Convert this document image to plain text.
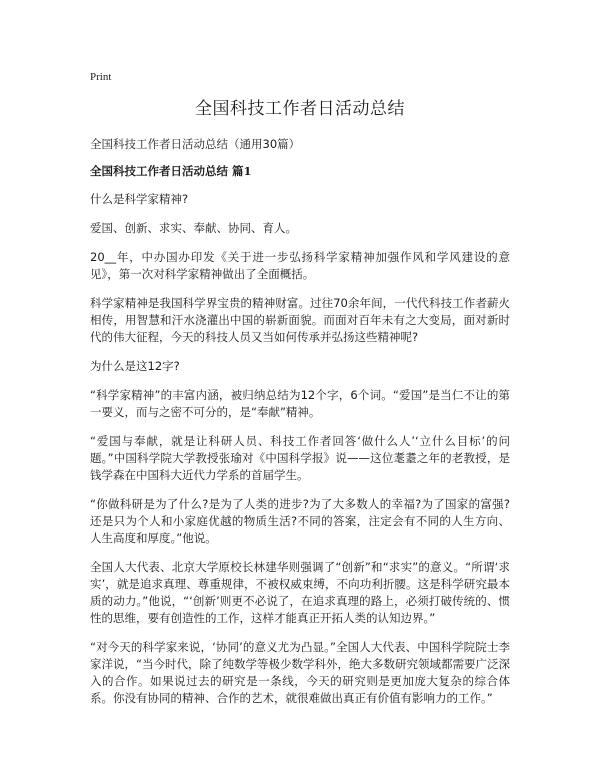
Print
全国科技工作者日活动总结

全国科技工作者日活动总结（通用30篇）

全国科技工作者日活动总结 篇1

什么是科学家精神?

爱国、创新、求实、奉献、协同、育人。

20__年，中办国办印发《关于进一步弘扬科学家精神加强作风和学风建设的意见》，第一次对科学家精神做出了全面概括。

科学家精神是我国科学界宝贵的精神财富。过往70余年间，一代代科技工作者薪火相传，用智慧和汗水浇灌出中国的崭新面貌。而面对百年未有之大变局，面对新时代的伟大征程，今天的科技人员又当如何传承并弘扬这些精神呢?

为什么是这12字?

“科学家精神”的丰富内涵，被归纳总结为12个字，6个词。“爱国”是当仁不让的第一要义，而与之密不可分的，是“奉献”精神。

“爱国与奉献，就是让科研人员、科技工作者回答‘做什么人’‘立什么目标’的问题。”中国科学院大学教授张瑜对《中国科学报》说——这位耄耋之年的老教授，是钱学森在中国科大近代力学系的首届学生。

“你做科研是为了什么?是为了人类的进步?为了大多数人的幸福?为了国家的富强?还是只为个人和小家庭优越的物质生活?不同的答案，注定会有不同的人生方向、人生高度和厚度。”他说。

全国人大代表、北京大学原校长林建华则强调了“创新”和“求实”的意义。“所谓‘求实’，就是追求真理、尊重规律，不被权威束缚，不向功利折腰。这是科学研究最本质的动力。”他说，“‘创新’则更不必说了，在追求真理的路上，必须打破传统的、惯性的思维，要有创造性的工作，这样才能真正开拓人类的认知边界。”

“对今天的科学家来说，‘协同’的意义尤为凸显。”全国人大代表、中国科学院院士李家洋说，“当今时代，除了纯数学等极少数学科外，绝大多数研究领域都需要广泛深入的合作。如果说过去的研究是一条线，今天的研究则是更加庞大复杂的综合体系。你没有协同的精神、合作的艺术，就很难做出真正有价值有影响力的工作。”
